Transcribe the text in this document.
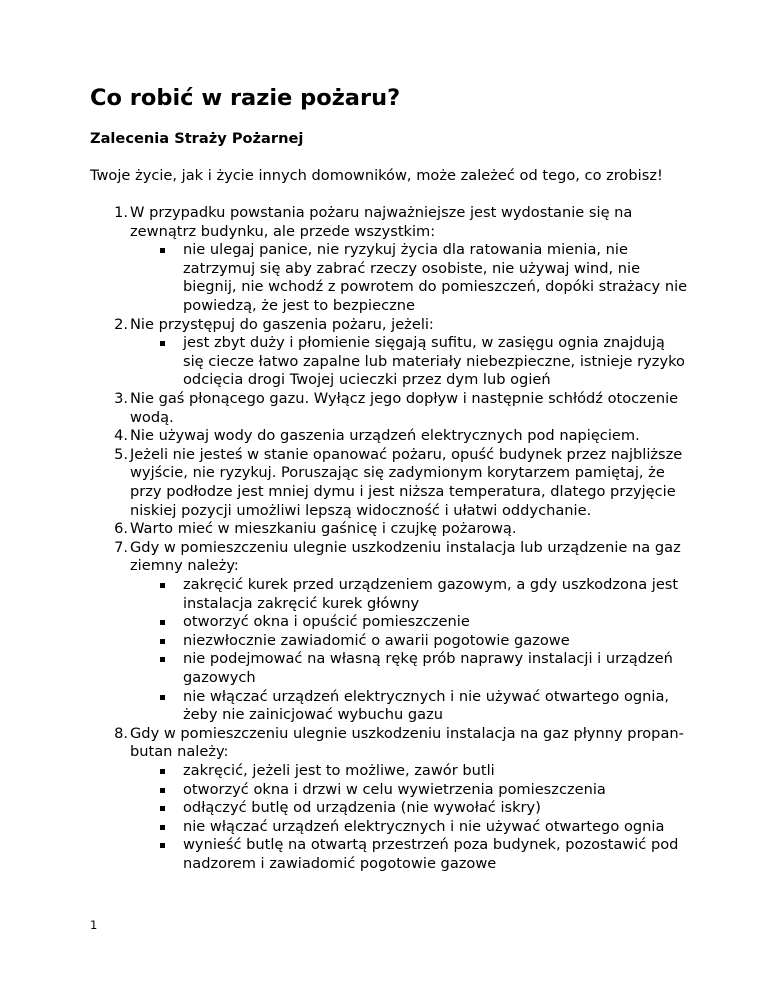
Co robić w razie pożaru?
Zalecenia Straży Pożarnej

Twoje życie, jak i życie innych domowników, może zależeć od tego, co zrobisz!

1. W przypadku powstania pożaru najważniejsze jest wydostanie się na zewnątrz budynku, ale przede wszystkim:
nie ulegaj panice, nie ryzykuj życia dla ratowania mienia, nie zatrzymuj się aby zabrać rzeczy osobiste, nie używaj wind, nie biegnij, nie wchodź z powrotem do pomieszczeń, dopóki strażacy nie powiedzą, że jest to bezpieczne
2. Nie przystępuj do gaszenia pożaru, jeżeli:
jest zbyt duży i płomienie sięgają sufitu, w zasięgu ognia znajdują się ciecze łatwo zapalne lub materiały niebezpieczne, istnieje ryzyko odcięcia drogi Twojej ucieczki przez dym lub ogień
3. Nie gaś płonącego gazu. Wyłącz jego dopływ i następnie schłódź otoczenie wodą.
4. Nie używaj wody do gaszenia urządzeń elektrycznych pod napięciem.
5. Jeżeli nie jesteś w stanie opanować pożaru, opuść budynek przez najbliższe wyjście, nie ryzykuj. Poruszając się zadymionym korytarzem pamiętaj, że przy podłodze jest mniej dymu i jest niższa temperatura, dlatego przyjęcie niskiej pozycji umożliwi lepszą widoczność i ułatwi oddychanie.
6. Warto mieć w mieszkaniu gaśnicę i czujkę pożarową.
7. Gdy w pomieszczeniu ulegnie uszkodzeniu instalacja lub urządzenie na gaz ziemny należy:
zakręcić kurek przed urządzeniem gazowym, a gdy uszkodzona jest instalacja zakręcić kurek główny
otworzyć okna i opuścić pomieszczenie
niezwłocznie zawiadomić o awarii pogotowie gazowe
nie podejmować na własną rękę prób naprawy instalacji i urządzeń gazowych
nie włączać urządzeń elektrycznych i nie używać otwartego ognia, żeby nie zainicjować wybuchu gazu
8. Gdy w pomieszczeniu ulegnie uszkodzeniu instalacja na gaz płynny propan-butan należy:
zakręcić, jeżeli jest to możliwe, zawór butli
otworzyć okna i drzwi w celu wywietrzenia pomieszczenia
odłączyć butlę od urządzenia (nie wywołać iskry)
nie włączać urządzeń elektrycznych i nie używać otwartego ognia
wynieść butlę na otwartą przestrzeń poza budynek, pozostawić pod nadzorem i zawiadomić pogotowie gazowe
1
